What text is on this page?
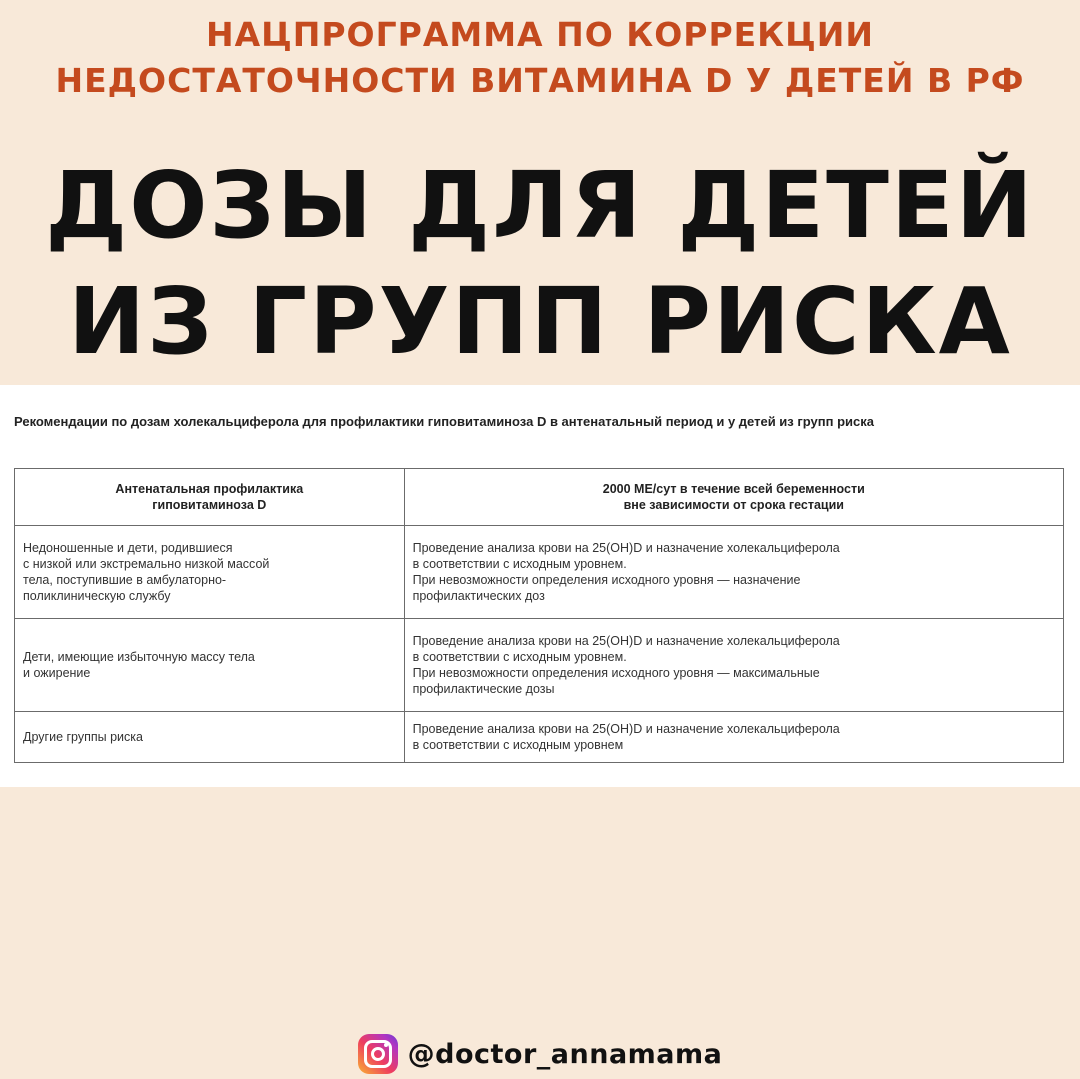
НАЦПРОГРАММА ПО КОРРЕКЦИИ
НЕДОСТАТОЧНОСТИ ВИТАМИНА D У ДЕТЕЙ В РФ
ДОЗЫ ДЛЯ ДЕТЕЙ
ИЗ ГРУПП РИСКА
Рекомендации по дозам холекальциферола для профилактики гиповитаминоза D в антенатальный период и у детей из групп риска
Антенатальная профилактика
гиповитаминоза D	2000 МЕ/сут в течение всей беременности
вне зависимости от срока гестации

Недоношенные и дети, родившиеся
с низкой или экстремально низкой массой
тела, поступившие в амбулаторно-
поликлиническую службу	Проведение анализа крови на 25(OH)D и назначение холекальциферола
в соответствии с исходным уровнем.
При невозможности определения исходного уровня — назначение
профилактических доз

Дети, имеющие избыточную массу тела
и ожирение	Проведение анализа крови на 25(OH)D и назначение холекальциферола
в соответствии с исходным уровнем.
При невозможности определения исходного уровня — максимальные
профилактические дозы

Другие группы риска	Проведение анализа крови на 25(OH)D и назначение холекальциферола
в соответствии с исходным уровнем
@doctor_annamama
